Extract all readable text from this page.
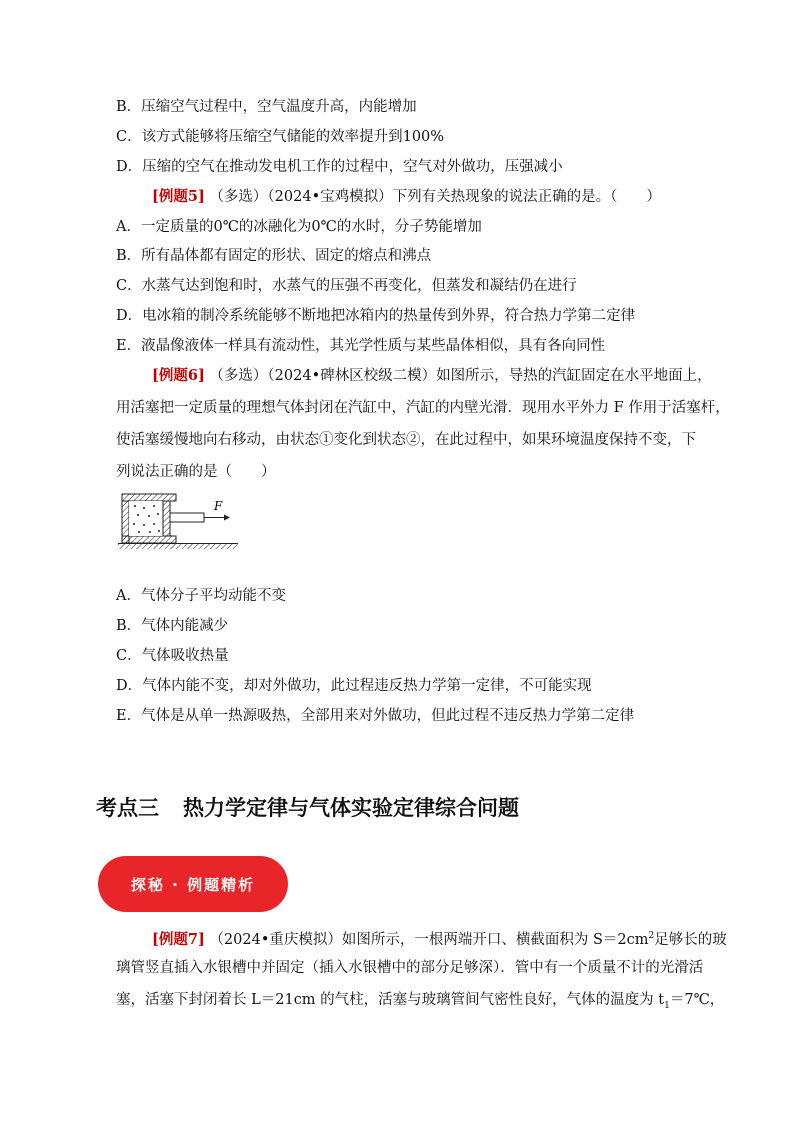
B．压缩空气过程中，空气温度升高，内能增加
C．该方式能够将压缩空气储能的效率提升到100%
D．压缩的空气在推动发电机工作的过程中，空气对外做功，压强减小
[例题5] （多选）（2024•宝鸡模拟）下列有关热现象的说法正确的是。（　　）
A．一定质量的0℃的冰融化为0℃的水时，分子势能增加
B．所有晶体都有固定的形状、固定的熔点和沸点
C．水蒸气达到饱和时，水蒸气的压强不再变化，但蒸发和凝结仍在进行
D．电冰箱的制冷系统能够不断地把冰箱内的热量传到外界，符合热力学第二定律
E．液晶像液体一样具有流动性，其光学性质与某些晶体相似，具有各向同性
[例题6] （多选）（2024•碑林区校级二模）如图所示，导热的汽缸固定在水平地面上，
用活塞把一定质量的理想气体封闭在汽缸中，汽缸的内壁光滑．现用水平外力 F 作用于活塞杆，
使活塞缓慢地向右移动，由状态①变化到状态②，在此过程中，如果环境温度保持不变，下
列说法正确的是（　　）
F
A．气体分子平均动能不变
B．气体内能减少
C．气体吸收热量
D．气体内能不变，却对外做功，此过程违反热力学第一定律，不可能实现
E．气体是从单一热源吸热，全部用来对外做功，但此过程不违反热力学第二定律
考点三 热力学定律与气体实验定律综合问题
探秘 · 例题精析
[例题7] （2024•重庆模拟）如图所示，一根两端开口、横截面积为 $S=2cm^2$足够长的玻
璃管竖直插入水银槽中并固定（插入水银槽中的部分足够深）．管中有一个质量不计的光滑活
塞，活塞下封闭着长 L＝21cm 的气柱，活塞与玻璃管间气密性良好，气体的温度为 $t_1=7℃$，
